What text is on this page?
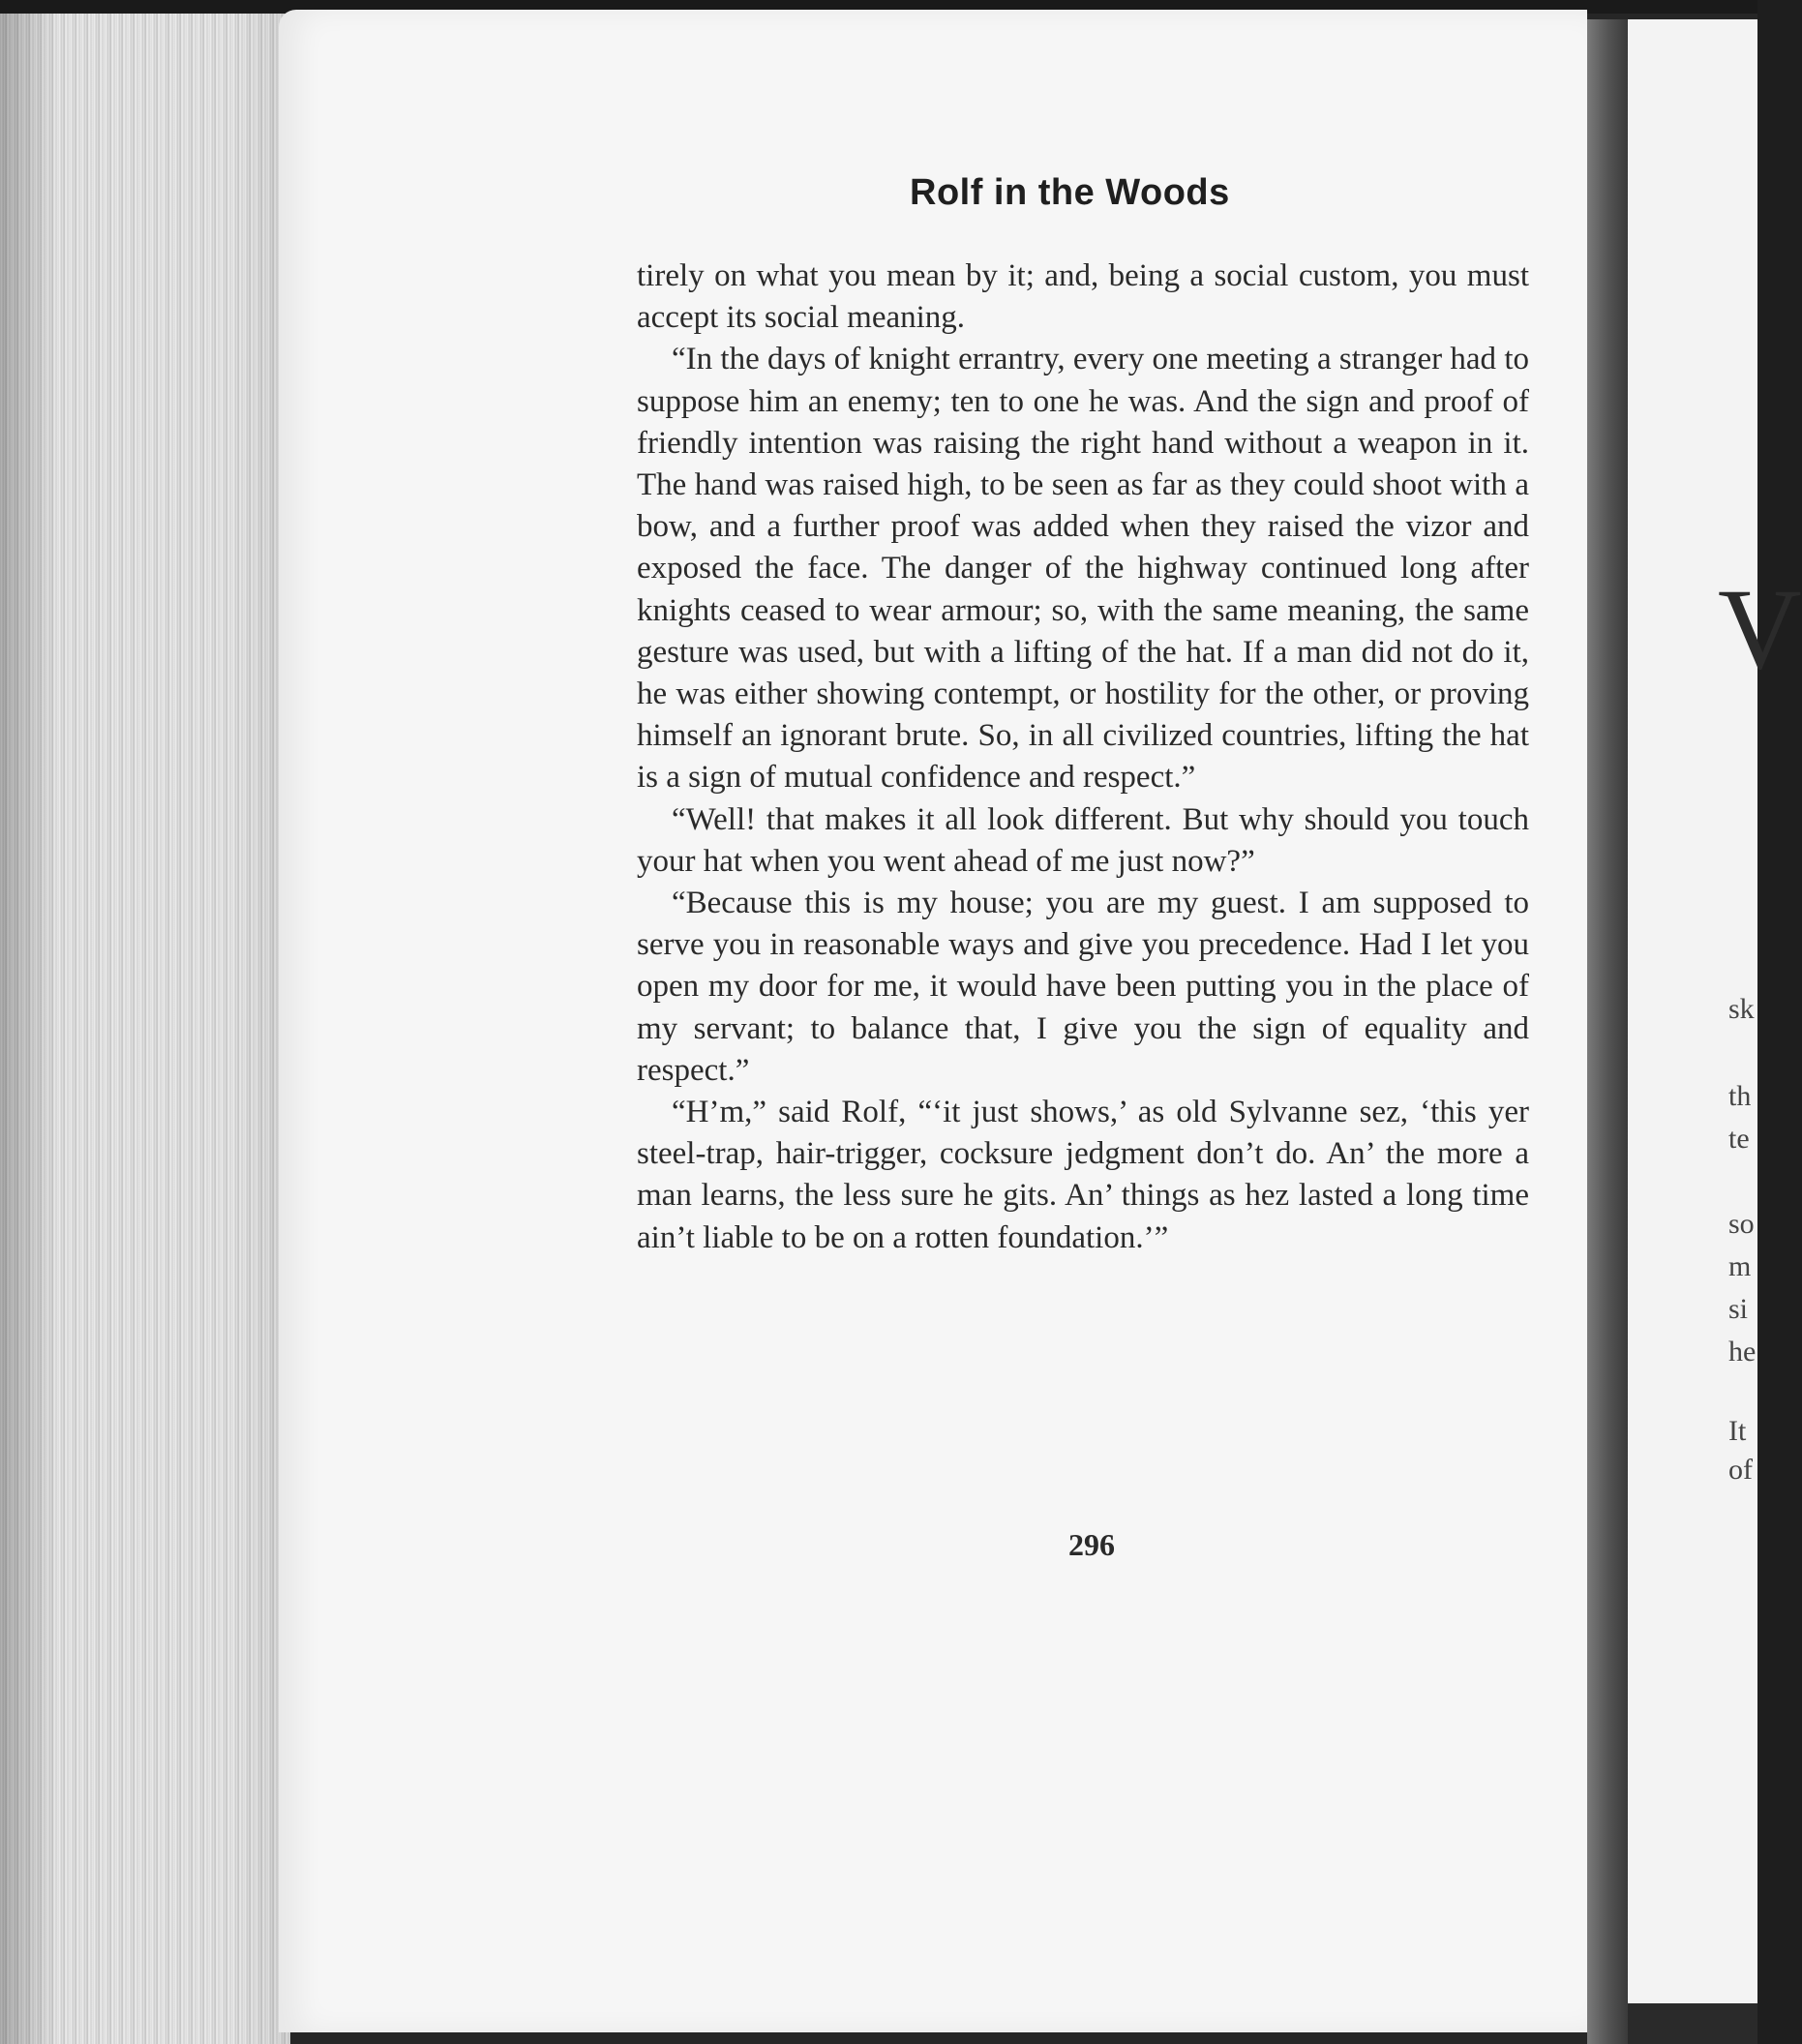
Rolf in the Woods

tirely on what you mean by it; and, being a social custom, you must accept its social meaning.

“In the days of knight errantry, every one meeting a stranger had to suppose him an enemy; ten to one he was. And the sign and proof of friendly intention was raising the right hand without a weapon in it. The hand was raised high, to be seen as far as they could shoot with a bow, and a further proof was added when they raised the vizor and exposed the face. The danger of the highway continued long after knights ceased to wear armour; so, with the same meaning, the same gesture was used, but with a lifting of the hat. If a man did not do it, he was either showing contempt, or hostility for the other, or proving himself an ignorant brute. So, in all civilized countries, lifting the hat is a sign of mutual confidence and respect.”

“Well! that makes it all look different. But why should you touch your hat when you went ahead of me just now?”

“Because this is my house; you are my guest. I am supposed to serve you in reasonable ways and give you precedence. Had I let you open my door for me, it would have been putting you in the place of my servant; to balance that, I give you the sign of equality and respect.”

“H’m,” said Rolf, “‘it just shows,’ as old Sylvanne sez, ‘this yer steel-trap, hair-trigger, cocksure jedgment don’t do. An’ the more a man learns, the less sure he gits. An’ things as hez lasted a long time ain’t liable to be on a rotten foundation.’”

296
V
sk
th
te
so
m
si
he
It
of
